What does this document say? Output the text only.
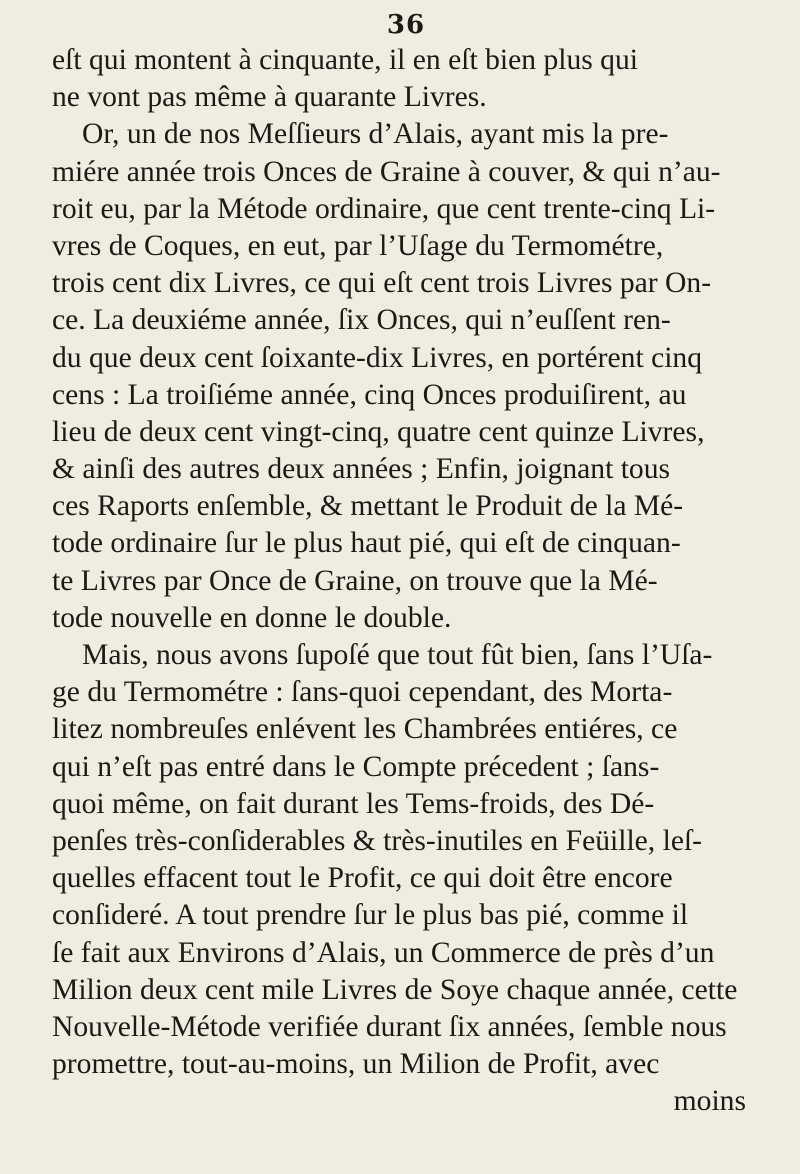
36
eſt qui montent à cinquante, il en eſt bien plus qui
ne vont pas même à quarante Livres.
Or, un de nos Meſſieurs d’Alais, ayant mis la pre-
miére année trois Onces de Graine à couver, & qui n’au-
roit eu, par la Métode ordinaire, que cent trente-cinq Li-
vres de Coques, en eut, par l’Uſage du Termométre,
trois cent dix Livres, ce qui eſt cent trois Livres par On-
ce. La deuxiéme année, ſix Onces, qui n’euſſent ren-
du que deux cent ſoixante-dix Livres, en portérent cinq
cens : La troiſiéme année, cinq Onces produiſirent, au
lieu de deux cent vingt-cinq, quatre cent quinze Livres,
& ainſi des autres deux années ; Enfin, joignant tous
ces Raports enſemble, & mettant le Produit de la Mé-
tode ordinaire ſur le plus haut pié, qui eſt de cinquan-
te Livres par Once de Graine, on trouve que la Mé-
tode nouvelle en donne le double.
Mais, nous avons ſupoſé que tout fût bien, ſans l’Uſa-
ge du Termométre : ſans-quoi cependant, des Morta-
litez nombreuſes enlévent les Chambrées entiéres, ce
qui n’eſt pas entré dans le Compte précedent ; ſans-
quoi même, on fait durant les Tems-froids, des Dé-
penſes très-conſiderables & très-inutiles en Feüille, leſ-
quelles effacent tout le Profit, ce qui doit être encore
conſideré. A tout prendre ſur le plus bas pié, comme il
ſe fait aux Environs d’Alais, un Commerce de près d’un
Milion deux cent mile Livres de Soye chaque année, cette
Nouvelle-Métode verifiée durant ſix années, ſemble nous
promettre, tout-au-moins, un Milion de Profit, avec
moins
